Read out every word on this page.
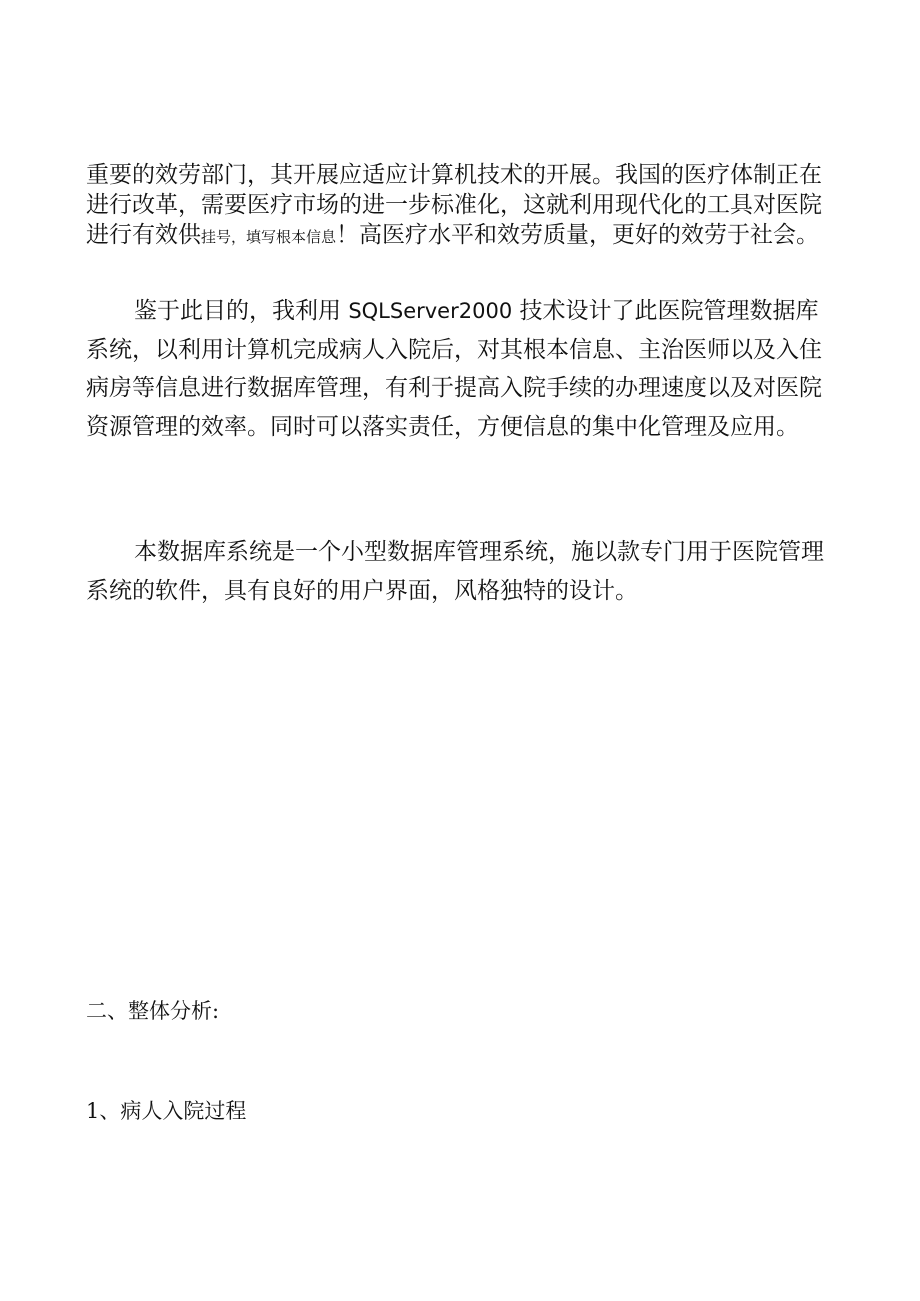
重要的效劳部门，其开展应适应计算机技术的开展。我国的医疗体制正在进行改革，需要医疗市场的进一步标准化，这就利用现代化的工具对医院进行有效供挂号，填写根本信息！高医疗水平和效劳质量，更好的效劳于社会。

鉴于此目的，我利用 SQLServer2000 技术设计了此医院管理数据库系统，以利用计算机完成病人入院后，对其根本信息、主治医师以及入住病房等信息进行数据库管理，有利于提高入院手续的办理速度以及对医院资源管理的效率。同时可以落实责任，方便信息的集中化管理及应用。

本数据库系统是一个小型数据库管理系统，施以款专门用于医院管理系统的软件，具有良好的用户界面，风格独特的设计。

二、整体分析:

1、病人入院过程
